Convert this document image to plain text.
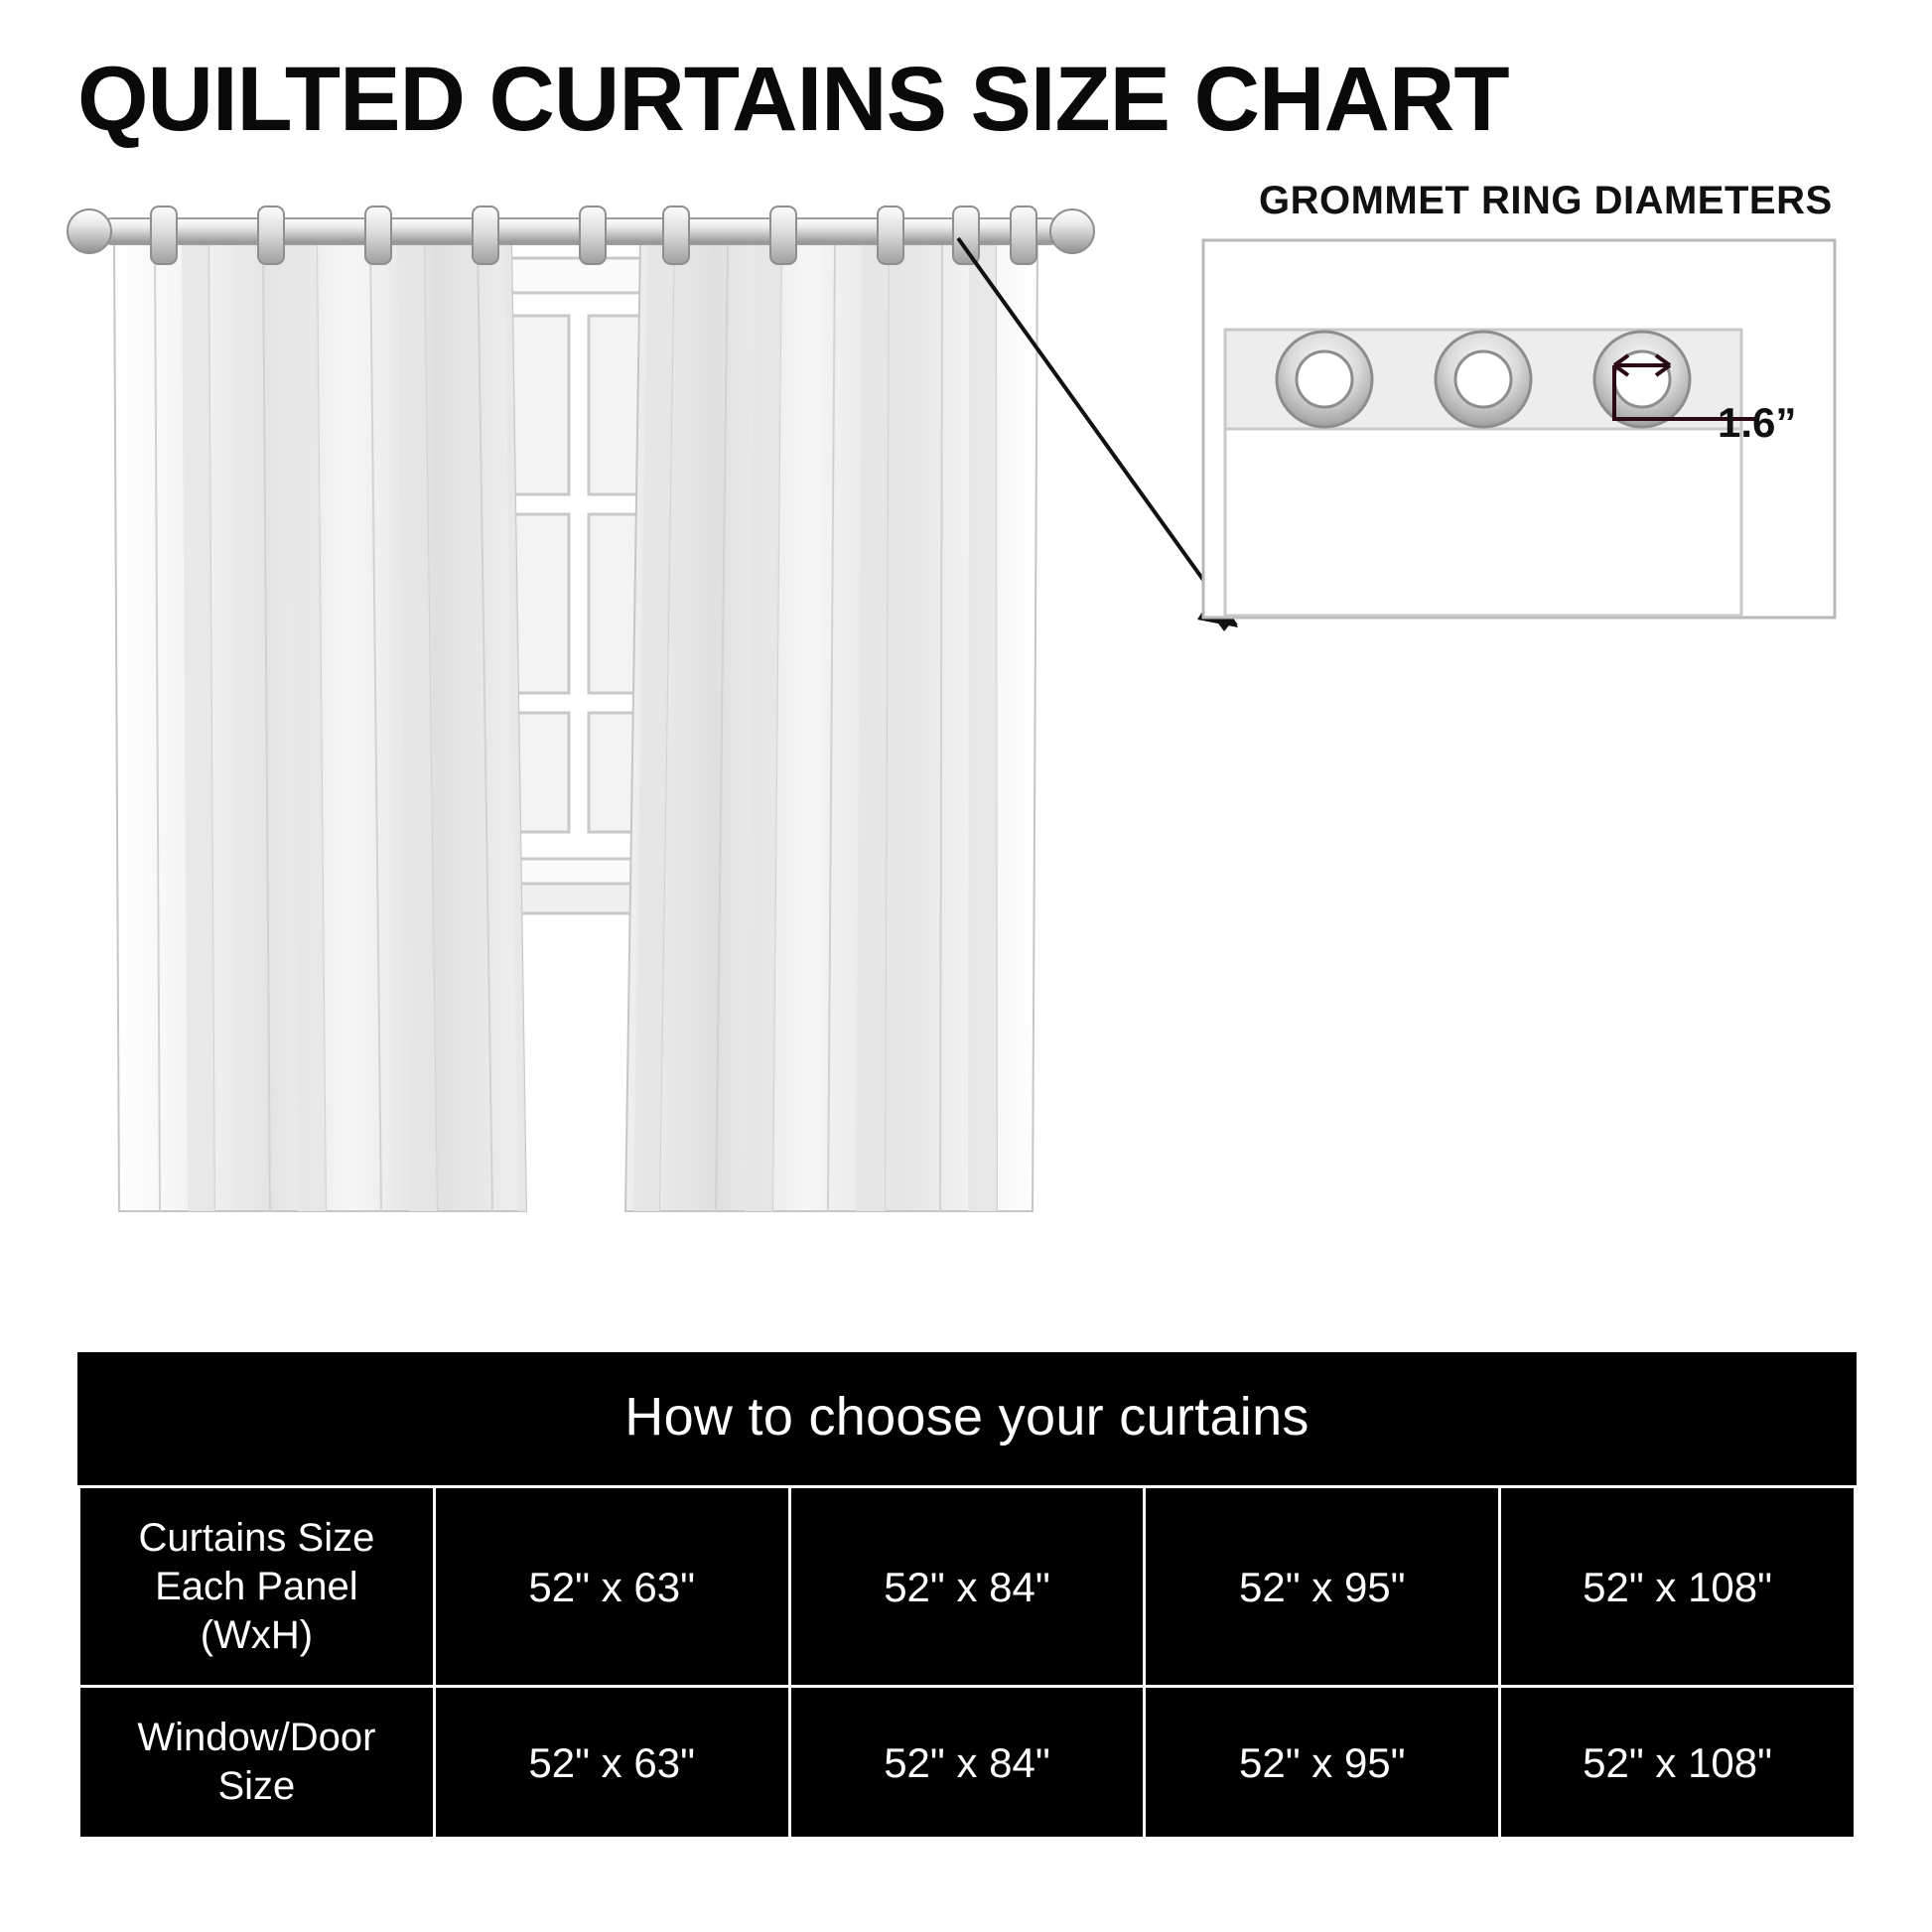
QUILTED CURTAINS SIZE CHART
GROMMET RING DIAMETERS
1.6”
How to choose your curtains				

Curtains Size
Each Panel
(WxH)	52" x 63"	52" x 84"	52" x 95"	52" x 108"

Window/Door
Size	52" x 63"	52" x 84"	52" x 95"	52" x 108"
